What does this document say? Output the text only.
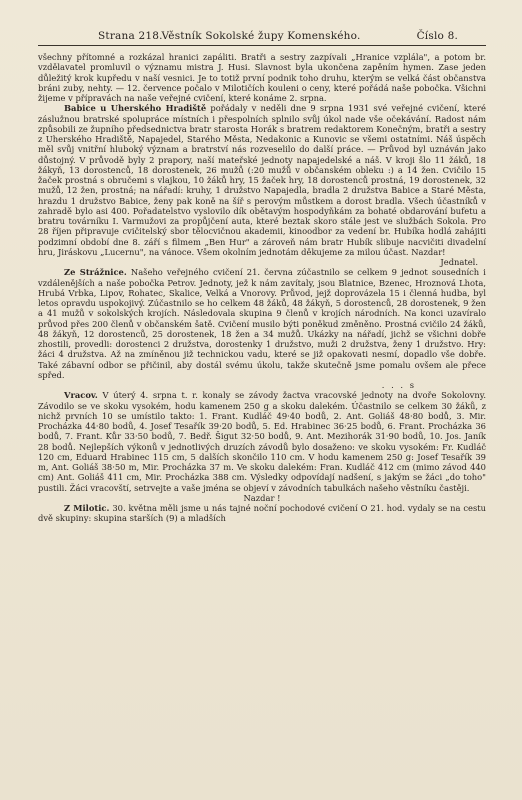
Strana 218.
Věstník Sokolské župy Komenského.	Číslo 8.

všechny přítomné a rozkázal hranici zapáliti. Bratři a sestry zazpívali „Hranice vzplála", a potom br. vzdělavatel promluvil o významu mistra J. Husi. Slavnost byla ukončena zapěním hymen. Zase jeden důležitý krok kupředu v naší vesnici. Je to totiž první podnik toho druhu, kterým se velká část občanstva bráni zuby, nehty. — 12. července počalo v Milotičích kouleni o ceny, které pořádá naše pobočka. Všichni žijeme v přípravách na naše veřejné cvičení, které konáme 2. srpna.

Babice u Uherského Hradiště pořádaly v neděli dne 9 srpna 1931 své veřejné cvičení, které záslužnou bratrské spolupráce místních i přespolních splnilo svůj úkol nade vše očekávání. Radost nám způsobili ze župního předsednictva bratr starosta Horák s bratrem redaktorem Konečným, bratři a sestry z Uherského Hradiště, Napajedel, Starého Města, Nedakonic a Kunovic se všemi ostatními. Náš úspěch měl svůj vnitřní hluboký význam a bratrství nás rozveselilo do další práce. — Průvod byl uznáván jako důstojný. V průvodě byly 2 prapory, naší mateřské jednoty napajedelské a náš. V kroji šlo 11 žáků, 18 žákyň, 13 dorostenců, 18 dorostenek, 26 mužů (:20 mužů v občanském obleku :) a 14 žen. Cvičilo 15 žaček prostná s obručemi s vlajkou, 10 žáků hry, 15 žaček hry, 18 dorostenců prostná, 19 dorostenek, 32 mužů, 12 žen, prostná; na nářadí: kruhy, 1 družstvo Napajedla, bradla 2 družstva Babice a Staré Města, hrazdu 1 družstvo Babice, ženy pak koně na šíř s perovým můstkem a dorost bradla. Všech účastníků v zahradě bylo asi 400. Pořadatelstvo vyslovilo dík obětavým hospodyňkám za bohaté obdarování bufetu a bratru továrníku I. Varmužovi za propůjčení auta, které beztak skoro stále jest ve službách Sokola. Pro 28 říjen připravuje cvičitelský sbor tělocvičnou akademii, kinoodbor za vedení br. Hubíka hodlá zahájiti podzimní období dne 8. září s filmem „Ben Hur" a zároveň nám bratr Hubík slibuje nacvičiti divadelní hru, Jiráskovu „Lucernu", na vánoce. Všem okolním jednotám děkujeme za milou účast. Nazdar!

Jednatel.

Ze Strážnice. Našeho veřejného cvičení 21. června zúčastnilo se celkem 9 jednot sousedních i vzdálenějších a naše pobočka Petrov. Jednoty, jež k nám zavítaly, jsou Blatnice, Bzenec, Hroznová Lhota, Hrubá Vrbka, Lipov, Rohatec, Skalice, Velká a Vnorovy. Průvod, jejž doprovázela 15 i členná hudba, byl letos opravdu uspokojivý. Zúčastnilo se ho celkem 48 žáků, 48 žákyň, 5 dorostenců, 28 dorostenek, 9 žen a 41 mužů v sokolských krojích. Následovala skupina 9 členů v krojích národních. Na konci uzavíralo průvod přes 200 členů v občanském šatě. Cvičení musilo býti poněkud změněno. Prostná cvičilo 24 žáků, 48 žákyň, 12 dorostenců, 25 dorostenek, 18 žen a 34 mužů. Ukázky na nářadí, jichž se všichni dobře zhostili, provedli: dorostenci 2 družstva, dorostenky 1 družstvo, muži 2 družstva, ženy 1 družstvo. Hry: žáci 4 družstva. Až na zmíněnou již technickou vadu, které se již opakovati nesmí, dopadlo vše dobře. Také zábavní odbor se přičinil, aby dostál svému úkolu, takže skutečně jsme pomalu ovšem ale přece spřed.

. . . s

Vracov. V úterý 4. srpna t. r. konaly se závody žactva vracovské jednoty na dvoře Sokolovny. Závodilo se ve skoku vysokém, hodu kamenem 250 g a skoku dalekém. Účastnilo se celkem 30 žáků, z nichž prvních 10 se umístilo takto: 1. Frant. Kudláč 49·40 bodů, 2. Ant. Goliáš 48·80 bodů, 3. Mir. Procházka 44·80 bodů, 4. Josef Tesařík 39·20 bodů, 5. Ed. Hrabinec 36·25 bodů, 6. Frant. Procházka 36 bodů, 7. Frant. Kůr 33·50 bodů, 7. Bedř. Šigut 32·50 bodů, 9. Ant. Mezihorák 31·90 bodů, 10. Jos. Janík 28 bodů. Nejlepších výkonů v jednotlivých druzích závodů bylo dosaženo: ve skoku vysokém: Fr. Kudláč 120 cm, Eduard Hrabinec 115 cm, 5 dalších skončilo 110 cm. V hodu kamenem 250 g: Josef Tesařík 39 m, Ant. Goliáš 38·50 m, Mir. Procházka 37 m. Ve skoku dalekém: Fran. Kudláč 412 cm (mimo závod 440 cm) Ant. Goliáš 411 cm, Mir. Procházka 388 cm. Výsledky odpovídají nadšení, s jakým se žáci „do toho" pustili. Žáci vracovští, setrvejte a vaše jména se objeví v závodních tabulkách našeho věstníku častěji.

Nazdar !

Z Milotic. 30. května měli jsme u nás tajné noční pochodové cvičení O 21. hod. vydaly se na cestu dvě skupiny: skupina starších (9) a mladších
